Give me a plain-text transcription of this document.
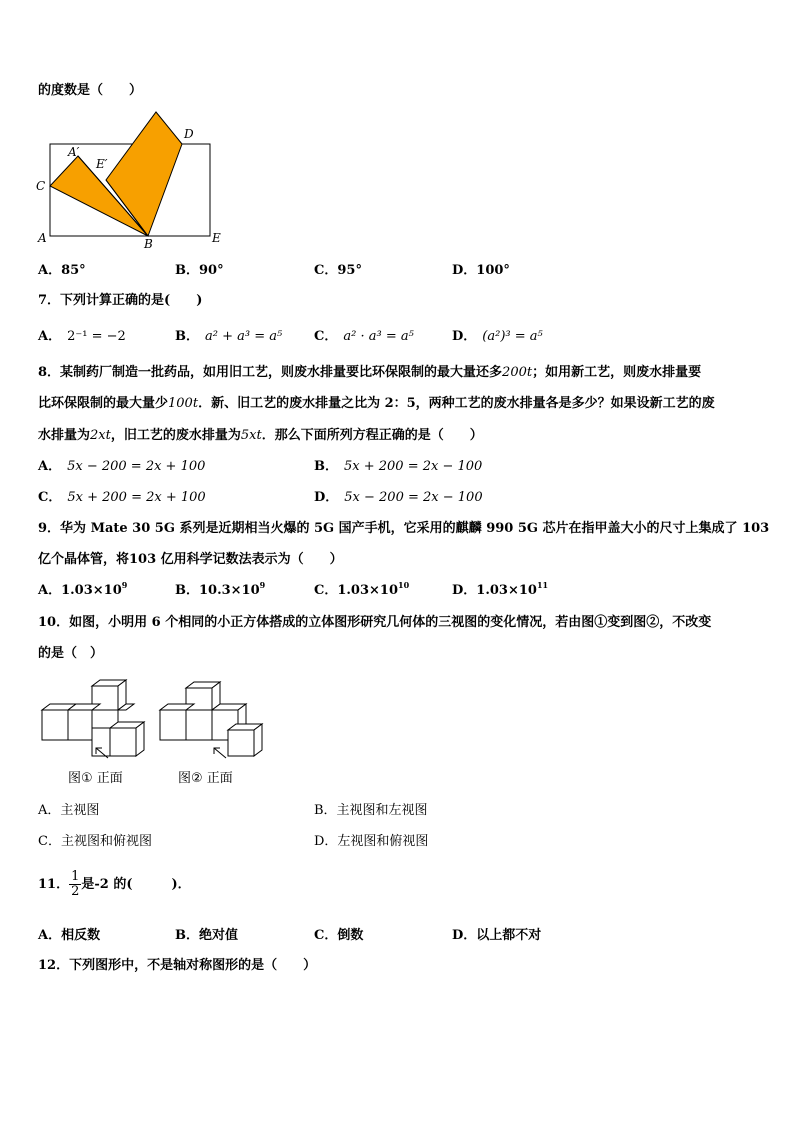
的度数是（　　）
A	B
C
D
E
A′
E′
A．85°	B．90°	C．95°	D．100°
7．下列计算正确的是(　　)
A． 2⁻¹ = −2	B． a² + a³ = a⁵ C． a² · a³ = a⁵	D． (a²)³ = a⁵
8．某制药厂制造一批药品，如用旧工艺，则废水排量要比环保限制的最大量还多200t；如用新工艺，则废水排量要
比环保限制的最大量少100t．新、旧工艺的废水排量之比为 2：5，两种工艺的废水排量各是多少？如果设新工艺的废
水排量为2xt，旧工艺的废水排量为5xt．那么下面所列方程正确的是（　　）
A． 5x − 200 = 2x + 100	B． 5x + 200 = 2x − 100
C． 5x + 200 = 2x + 100	D． 5x − 200 = 2x − 100
9．华为 Mate 30 5G 系列是近期相当火爆的 5G 国产手机，它采用的麒麟 990 5G 芯片在指甲盖大小的尺寸上集成了 103
亿个晶体管，将103 亿用科学记数法表示为（　　）
A．$1.03\times 10^9$	B．$10.3\times 10^9$	C．$1.03\times 10^{10}$	D．$1.03\times 10^{11}$
10．如图，小明用 6 个相同的小正方体搭成的立体图形研究几何体的三视图的变化情况，若由图①变到图②，不改变
的是（　）
图① 正面	图② 正面
A．主视图	B．主视图和左视图
C．主视图和俯视图	D．左视图和俯视图
11． $\frac{1}{2}$ 是-2 的(　　　)．
A．相反数	B．绝对值	C．倒数	D．以上都不对
12．下列图形中，不是轴对称图形的是（　　）
